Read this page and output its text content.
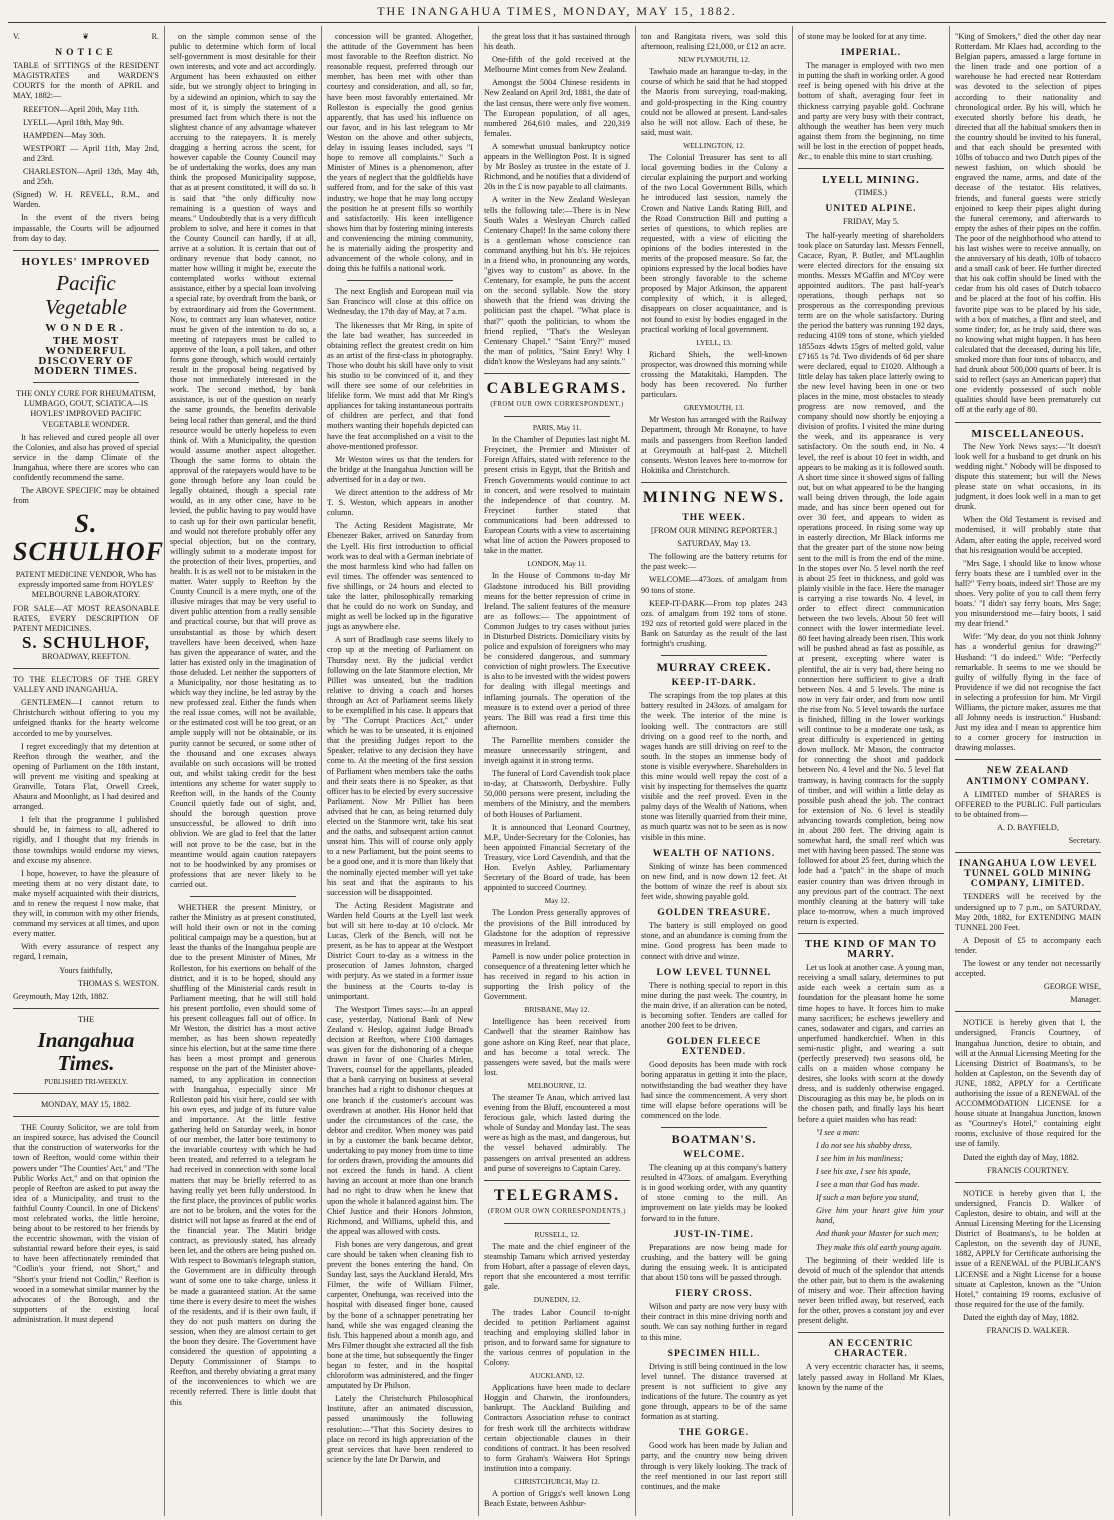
THE INANGAHUA TIMES, MONDAY, MAY 15, 1882.
V.	❦	R.
NOTICE

TABLE of SITTINGS of the RESIDENT MAGISTRATES and WARDEN'S COURTS for the month of APRIL and MAY, 1882:—

REEFTON—April 20th, May 11th.

LYELL—April 18th, May 9th.

HAMPDEN—May 30th.

WESTPORT — April 11th, May 2nd, and 23rd.

CHARLESTON—April 13th, May 4th, and 25th.

(Signed) W. H. REVELL, R.M., and Warden.

In the event of the rivers being impassable, the Courts will be adjourned from day to day.

HOYLES' IMPROVED
Pacific Vegetable
WONDER.
THE MOST WONDERFUL DISCOVERY OF MODERN TIMES.

THE ONLY CURE FOR RHEUMATISM, LUMBAGO, GOUT, SCIATICA—IS HOYLES' IMPROVED PACIFIC VEGETABLE WONDER.

It has relieved and cured people all over the Colonies, and also has proved of special service in the damp Climate of the Inangahua, where there are scores who can confidently recommend the same.

The ABOVE SPECIFIC may be obtained from

S. SCHULHOF

PATENT MEDICINE VENDOR, Who has expressly imported same from HOYLES' MELBOURNE LABORATORY.

FOR SALE—AT MOST REASONABLE RATES, EVERY DESCRIPTION OF PATENT MEDICINES.

S. SCHULHOF,

BROADWAY, REEFTON.

TO THE ELECTORS OF THE GREY VALLEY AND INANGAHUA.

GENTLEMEN—I cannot return to Christchurch without offering to you my unfeigned thanks for the hearty welcome accorded to me by yourselves.

I regret exceedingly that my detention at Reefton through the weather, and the opening of Parliament on the 18th instant, will prevent me visiting and speaking at Granville, Totara Flat, Orwell Creek, Ahaura and Moonlight, as I had desired and arranged.

I felt that the programme I published should be, in fairness to all, adhered to rigidly, and I thought that my friends in those townships would endorse my views, and excuse my absence.

I hope, however, to have the pleasure of meeting them at no very distant date, to make myself acquainted with their districts, and to renew the request I now make, that they will, in common with my other friends, command my services at all times, and upon every matter.

With every assurance of respect any regard, I remain,

Yours faithfully,

THOMAS S. WESTON.

Greymouth, May 12th, 1882.

THE

Inangahua Times.

PUBLISHED TRI-WEEKLY.

MONDAY, MAY 15, 1882.

THE County Solicitor, we are told from an inspired source, has advised the Council that the construction of waterworks for the town of Reefton, would come within their powers under "The Counties' Act," and "The Public Works Act," and on that opinion the people of Reefton are asked to put away the idea of a Municipality, and trust to the faithful County Council. In one of Dickens' most celebrated works, the little heroine, being about to be restored to her friends by the eccentric showman, with the vision of substantial reward before their eyes, is said to have been affectionately reminded that "Codlin's your friend, not Short," and "Short's your friend not Codlin," Reefton is wooed in a somewhat similar manner by the advocates of the Borough, and the supporters of the existing local administration. It must depend

on the simple common sense of the public to determine which form of local self-government is most desirable for their own interests, and vote and act accordingly. Argument has been exhausted on either side, but we strongly object to bringing in by a sidewind an opinion, which to say the most of it, is simply the statement of a presumed fact from which there is not the slightest chance of any advantage whatever accruing to the ratepayers. It is merely dragging a herring across the scent, for however capable the County Council may be of undertaking the works, does any man think the proposed Municipality suppose, that as at present constituted, it will do so. It is said that "the only difficulty now remaining is a question of ways and means." Undoubtedly that is a very difficult problem to solve, and here it comes in that the County Council can hardly, if at all, arrive at a solution. It is certain that out of ordinary revenue that body cannot, no matter how willing it might be, execute the contemplated works without external assistance, either by a special loan involving a special rate, by overdraft from the bank, or by extraordinary aid from the Government. Now, to contract any loan whatever, notice must be given of the intention to do so, a meeting of ratepayers must be called to approve of the loan, a poll taken, and other forms gone through, which would certainly result in the proposal being negatived by those not immediately interested in the work. The second method, by bank assistance, is out of the question on nearly the same grounds, the benefits derivable being local rather than general, and the third resource would be utterly hopeless to even think of. With a Municipality, the question would assume another aspect altogether. Though the same forms to obtain the approval of the ratepayers would have to be gone through before any loan could be legally obtained, though a special rate would, as in any other case, have to be levied, the public having to pay would have to cash up for their own particular benefit, and would not therefore probably offer any special objection, but on the contrary, willingly submit to a moderate impost for the protection of their lives, properties, and health. It is as well not to be mistaken in the matter. Water supply to Reefton by the County Council is a mere myth, one of the illusive mirages that may be very useful to divert public attention from a really sensible and practical course, but that will prove as unsubstantial as those by which desert travellers have been deceived, when haze has given the appearance of water, and the latter has existed only in the imagination of those deluded. Let neither the supporters of a Municipality, nor those hesitating as to which way they incline, be led astray by the new professed zeal. Either the funds when the real issue comes, will not be available, or the estimated cost will be too great, or an ample supply will not be obtainable, or its purity cannot be secured, or some other of the thousand and one excuses always available on such occasions will be trotted out, and whilst taking credit for the best intentions any scheme for water supply to Reefton will, in the hands of the County Council quietly fade out of sight, and, should the borough question prove unsuccessful, be allowed to drift into oblivion. We are glad to feel that the latter will not prove to be the case, but in the meantime would again caution ratepayers not to be hoodwinked by any promises or professions that are never likely to be carried out.

WHETHER the present Ministry, or rather the Ministry as at present constituted, will hold their own or not in the coming political campaign may be a question, but at least the thanks of the Inangahua people are due to the present Minister of Mines, Mr Rolleston, for his exertions on behalf of the district, and it is to be hoped, should any shuffling of the Ministerial cards result in Parliament meeting, that he will still hold his present portfolio, even should some of his present colleagues fall out of office. In Mr Weston, the district has a most active member, as has been shown repeatedly since his election, but at the same time there has been a most prompt and generous response on the part of the Minister above-named, to any application in connection with Inangahua, especially since Mr Rolleston paid his visit here, could see with his own eyes, and judge of its future value and importance. At the little festive gathering held on Saturday week, in honor of our member, the latter bore testimony to the invariable courtesy with which he had been treated, and referred to a telegram he had received in connection with some local matters that may be briefly referred to as having really yet been fully understood. In the first place, the provinces of public works are not to be broken, and the votes for the district will not lapse as feared at the end of the financial year. The Matiri bridge contract, as previously stated, has already been let, and the others are being pushed on. With respect to Bowman's telegraph station, the Government are in difficulty through want of some one to take charge, unless it be made a guaranteed station. At the same time there is every desire to meet the wishes of the residents, and if is their own fault, if they do not push matters on during the session, when they are almost certain to get the boon they desire. The Government have considered the question of appointing a Deputy Commissioner of Stamps to Reefton, and thereby obviating a great many of the inconveniences to which we are recently referred. There is little doubt that this

concession will be granted. Altogether, the attitude of the Government has been most favorable to the Reefton district. No reasonable request, preferred through our member, has been met with other than courtesy and consideration, and all, so far, have been most favorably entertained. Mr Rolleston is especially the good genius apparently, that has used his influence on our favor, and in his last telegram to Mr Weston on the above and other subjects, delay in issuing leases included, says "I hope to remove all complaints." Such a Minister of Mines is a phenomenon, after the years of neglect that the goldfields have suffered from, and for the sake of this vast industry, we hope that he may long occupy the position he at present fills so worthily and satisfactorily. His keen intelligence shows him that by fostering mining interests and conveniencing the mining community, he is materially aiding the prosperity and advancement of the whole colony, and in doing this he fulfils a national work.

The next English and European mail via San Francisco will close at this office on Wednesday, the 17th day of May, at 7 a.m.

The likenesses that Mr Ring, in spite of the late bad weather, has succeeded in obtaining reflect the greatest credit on him as an artist of the first-class in photography. Those who doubt his skill have only to visit his studio to be convinced of it, and they will there see some of our celebrities in lifelike form. We must add that Mr Ring's appliances for taking instantaneous portraits of children are perfect, and that fond mothers wanting their hopefuls depicted can have the feat accomplished on a visit to the above-mentioned professor.

Mr Weston wires us that the tenders for the bridge at the Inangahua Junction will be advertised for in a day or two.

We direct attention to the address of Mr T. S. Weston, which appears in another column.

The Acting Resident Magistrate, Mr Ebenezer Baker, arrived on Saturday from the Lyell. His first introduction to official work was to deal with a German inebriate of the most harmless kind who had fallen on evil times. The offender was sentenced to five shillings, or 24 hours and elected to take the latter, philosophically remarking that he could do no work on Sunday, and might as well be locked up in the figurative jugs as anywhere else.

A sort of Bradlaugh case seems likely to crop up at the meeting of Parliament on Thursday next. By the judicial verdict following on the late Stanmore election, Mr Pilliet was unseated, but the tradition relative to driving a coach and horses through an Act of Parliament seems likely to be exemplified in his case. It appears that by "The Corrupt Practices Act," under which he was to be unseated, it is enjoined that the presiding Judges report to the Speaker, relative to any decision they have come to. At the meeting of the first session of Parliament when members take the oaths and their seats there is no Speaker, as that officer has to be elected by every successive Parliament. Now Mr Pilliet has been advised that he can, as being returned duly elected on the Stanmore writ, take his seat and the oaths, and subsequent action cannot unseat him. This will of course only apply to a new Parliament, but the point seems to be a good one, and it is more than likely that the nominally ejected member will yet take his seat and that the aspirants to his succession will be disappointed.

The Acting Resident Magistrate and Warden held Courts at the Lyell last week but will sit here to-day at 10 o'clock. Mr Lucas, Clerk of the Bench, will not be present, as he has to appear at the Westport District Court to-day as a witness in the prosecution of James Johnston, charged with perjury. As we stated in a former issue the business at the Courts to-day is unimportant.

The Westport Times says:—In an appeal case, yesterday, National Bank of New Zealand v. Heslop, against Judge Broad's decision at Reefton, where £100 damages was given for the dishonoring of a cheque drawn in favor of one Charles Mirlen, Travers, counsel for the appellants, pleaded that a bank carrying on business at several branches had a right to dishonor cheques at one branch if the customer's account was overdrawn at another. His Honor held that under the circumstances of the case, the debtor and creditor. When money was paid in by a customer the bank became debtor, undertaking to pay money from time to time for orders drawn, providing the amounts did not exceed the funds in hand. A client having an account at more than one branch had no right to draw when he knew that upon the whole it balanced against him. The Chief Justice and their Honors Johnston, Richmond, and Williams, upheld this, and the appeal was allowed with costs.

Fish bones are very dangerous, and great care should be taken when cleaning fish to prevent the bones entering the hand. On Sunday last, says the Auckland Herald, Mrs Filmer, the wife of William Filmer, carpenter, Onehunga, was received into the hospital with diseased finger bone, caused by the bone of a schnapper penetrating her hand, while she was engaged cleaning the fish. This happened about a month ago, and Mrs Filmer thought she extracted all the fish bone at the time, but subsequently the finger began to fester, and in the hospital chloroform was administered, and the finger amputated by Dr Philson.

Lately the Christchurch Philosophical Institute, after an animated discussion, passed unanimously the following resolution:—"That this Society desires to place on record its high appreciation of the great services that have been rendered to science by the late Dr Darwin, and

the great loss that it has sustained through his death.

One-fifth of the gold received at the Melbourne Mint comes from New Zealand.

Amongst the 5004 Chinese residents in New Zealand on April 3rd, 1881, the date of the last census, there were only five women. The European population, of all ages, numbered 264,610 males, and 220,319 females.

A somewhat unusual bankruptcy notice appears in the Wellington Post. It is signed by Mr Bosley as trustee in the estate of J. Richmond, and he notifies that a dividend of 20s in the £ is now payable to all claimants.

A writer in the New Zealand Wesleyan tells the following tale:—There is in New South Wales a Wesleyan Church called Centenary Chapel! In the same colony there is a gentleman whose conscience can command anything but his h's. He rejoices in a friend who, in pronouncing any words, "gives way to custom" as above. In the Centenary, for example, he puts the accent on the second syllable. Now the story showeth that the friend was driving the politician past the chapel. "What place is that?" quoth the politician, to whom the friend replied, "That's the Wesleyan Centenary Chapel." "Saint 'Enry?" mused the man of politics, "Saint Enry! Why I didn't know the Wesleyans had any saints."

CABLEGRAMS.
(FROM OUR OWN CORRESPONDENT.)
PARIS, May 11.

In the Chamber of Deputies last night M. Freycinet, the Premier and Minister of Foreign Affairs, stated with reference to the present crisis in Egypt, that the British and French Governments would continue to act in concert, and were resolved to maintain the independence of that country. M. Freycinet further stated that communications had been addressed to European Courts with a view to ascertaining what line of action the Powers proposed to take in the matter.

LONDON, May 11.

In the House of Commons to-day Mr Gladstone introduced his Bill providing means for the better repression of crime in Ireland. The salient features of the measure are as follows:— The appointment of Common Judges to try cases without juries in Disturbed Districts. Domiciliary visits by police and expulsion of foreigners who may be considered dangerous, and summary conviction of night prowlers. The Executive is also to be invested with the widest powers for dealing with illegal meetings and inflaming journals. The operation of the measure is to extend over a period of three years. The Bill was read a first time this afternoon.

The Parnellite members consider the measure unnecessarily stringent, and inveigh against it in strong terms.

The funeral of Lord Cavendish took place to-day, at Chatsworth, Derbyshire. Fully 50,000 persons were present, including the members of the Ministry, and the members of both Houses of Parliament.

It is announced that Leonard Courtney, M.P., Under-Secretary for the Colonies, has been appointed Financial Secretary of the Treasury, vice Lord Cavendish, and that the Hon. Evelyn Ashley, Parliamentary Secretary of the Board of trade, has been appointed to succeed Courtney.

May 12.

The London Press generally approves of the provisions of the Bill introduced by Gladstone for the adoption of repressive measures in Ireland.

Parnell is now under police protection in consequence of a threatening letter which he has received in regard to his action in supporting the Irish policy of the Government.

BRISBANE, May 12.

Intelligence has been received from Cardwell that the steamer Rainbow has gone ashore on King Reef, near that place, and has become a total wreck. The passengers were saved, but the mails were lost.

MELBOURNE, 12.

The steamer Te Anau, which arrived last evening from the Bluff, encountered a most ferocious gale, which lasted during the whole of Sunday and Monday last. The seas were as high as the mast, and dangerous, but the vessel behaved admirably. The passengers on arrival presented an address and purse of sovereigns to Captain Carey.

TELEGRAMS.
(FROM OUR OWN CORRESPONDENTS.)
RUSSELL, 12.

The mate and the chief engineer of the steamship Tamaru which arrived yesterday from Hobart, after a passage of eleven days, report that she encountered a most terrific gale.

DUNEDIN, 12.

The trades Labor Council to-night decided to petition Parliament against teaching and employing skilled labor in prison, and to forward same for signature to the various centres of population in the Colony.

AUCKLAND, 12.

Applications have been made to declare Hoggin and Chatwin, the ironfounders, bankrupt. The Auckland Building and Contractors Association refuse to contract for fresh work till the architects withdraw certain objectionable clauses in their conditions of contract. It has been resolved to form Graham's Waiwera Hot Springs institution into a company.

CHRISTCHURCH, May 12.

A portion of Griggs's well known Long Beach Estate, between Ashbur-

ton and Rangitata rivers, was sold this afternoon, realising £21,000, or £12 an acre.

NEW PLYMOUTH, 12.

Tawhaio made an harangue to-day, in the course of which he said that he had stopped the Maoris from surveying, road-making, and gold-prospecting in the King country could not be allowed at present. Land-sales also he will not allow. Each of these, he said, must wait.

WELLINGTON, 12.

The Colonial Treasurer has sent to all local governing bodies in the Colony a circular explaining the purport and working of the two Local Government Bills, which he introduced last session, namely the Crown and Native Lands Rating Bill, and the Road Construction Bill and putting a series of questions, to which replies are requested, with a view of eliciting the opinions of the bodies interested in the merits of the proposed measure. So far, the opinions expressed by the local bodies have been strongly favorable to the scheme proposed by Major Atkinson, the apparent complexity of which, it is alleged, disappears on closer acquaintance, and is not found to exist by bodies engaged in the practical working of local government.

LYELL, 13.

Richard Shiels, the well-known prospector, was drowned this morning while crossing the Matakitaki, Hampden. The body has been recovered. No further particulars.

GREYMOUTH, 13.

Mr Weston has arranged with the Railway Department, through Mr Ronayne, to have mails and passengers from Reefton landed at Greymouth at half-past 2. Mitchell consents. Weston leaves here to-morrow for Hokitika and Christchurch.

MINING NEWS.
THE WEEK.

[FROM OUR MINING REPORTER.]

SATURDAY, May 13.

The following are the battery returns for the past week:—

WELCOME—473ozs. of amalgam from 90 tons of stone.

KEEP-IT-DARK—From top plates 243 ozs. of amalgam from 192 tons of stone. 192 ozs of retorted gold were placed in the Bank on Saturday as the result of the last fortnight's crushing.

MURRAY CREEK.
KEEP-IT-DARK.

The scrapings from the top plates at this battery resulted in 243ozs. of amalgam for the week. The interior of the mine is looking well. The contractors are still driving on a good reef to the north, and wages hands are still driving on reef to the south. In the stopes an immense body of stone is visible everywhere. Shareholders in this mine would well repay the cost of a visit by inspecting for themselves the quartz visible and the reef proved. Even in the palmy days of the Wealth of Nations, when stone was literally quarried from their mine, as much quartz was not to be seen as is now visible in this mine.

WEALTH OF NATIONS.

Sinking of winze has been commenced on new find, and is now down 12 feet. At the bottom of winze the reef is about six feet wide, showing payable gold.

GOLDEN TREASURE.

The battery is still employed on good stone, and an abundance is coming from the mine. Good progress has been made to connect with drive and winze.

LOW LEVEL TUNNEL

There is nothing special to report in this mine during the past week. The country, in the main drive, if an alteration can be noted, is becoming softer. Tenders are called for another 200 feet to be driven.

GOLDEN FLEECE EXTENDED.

Good deposits has been made with rock boring apparatus in getting it into the place, notwithstanding the bad weather they have had since the commencement. A very short time will elapse before operations will be commenced on the lode.

BOATMAN'S.
WELCOME.

The cleaning up at this company's battery resulted in 473ozs. of amalgam. Everything is in good working order, with any quantity of stone coming to the mill. An improvement on late yields may be looked forward to in the future.

JUST-IN-TIME.

Preparations are now being made for crushing, and the battery will be going during the ensuing week. It is anticipated that about 150 tons will be passed through.

FIERY CROSS.

Wilson and party are now very busy with their contract in this mine driving north and south. We can say nothing further in regard to this mine.

SPECIMEN HILL.

Driving is still being continued in the low level tunnel. The distance traversed at present is not sufficient to give any indications of the future. The country as yet gone through, appears to be of the same formation as at starting.

THE GORGE.

Good work has been made by Julian and party, and the country now being driven through is very likely looking. The track of the reef mentioned in our last report still continues, and the make

of stone may be looked for at any time.

IMPERIAL.

The manager is employed with two men in putting the shaft in working order. A good reef is being opened with his drive at the bottom of shaft, averaging four feet in thickness carrying payable gold. Cochrane and party are very busy with their contract, although the weather has been very much against them from the beginning, no time will be lost in the erection of poppet heads, &c., to enable this mine to start crushing.

LYELL MINING.

(TIMES.)

UNITED ALPINE.

FRIDAY, May 5.

The half-yearly meeting of shareholders took place on Saturday last. Messrs Fennell, Cacace, Ryan, P. Butler, and M'Laughlin were elected directors for the ensuing six months. Messrs M'Gaffin and M'Coy were appointed auditors. The past half-year's operations, though perhaps not so prosperous as the corresponding previous term are on the whole satisfactory. During the period the battery was running 192 days, reducing 4109 tons of stone, which yielded 1855ozs 4dwts 15grs of melted gold, value £7165 1s 7d. Two dividends of 6d per share were declared, equal to £1020. Although a little delay has taken place latterly owing to the new level having been in one or two places in the mine, most obstacles to steady progress are now removed, and the company should now shortly be enjoying a division of profits. I visited the mine during the week, and its appearance is very satisfactory. On the south end, in No. 4 level, the reef is about 10 feet in width, and appears to be making as it is followed south. A short time since it showed signs of falling out, but on what appeared to be the hanging wall being driven through, the lode again made, and has since been opened out for over 30 feet, and appears to widen as operations proceed. In rising some way up in easterly direction, Mr Black informs me that the greater part of the stone now being sent to the mill is from the end of the mine. In the stopes over No. 5 level north the reef is about 25 feet in thickness, and gold was plainly visible in the face. Here the manager is carrying a rise towards No. 4 level, in order to effect direct communication between the two levels. About 50 feet will connect with the lower intermediate level. 80 feet having already been risen. This work will be pushed ahead as fast as possible, as at present, excepting where water is plentiful, the air is very bad, there being no connection here sufficient to give a draft between Nos. 4 and 5 levels. The mine is now in very fair order, and from now until the rise from No. 5 level towards the surface is finished, filling in the lower workings will continue to be a moderate one task, as great difficulty is experienced in getting down mullock. Mr Mason, the contractor for connecting the shoot and paddock between No. 4 level and the No. 5 level flat tramway, is having contracts for the supply of timber, and will within a little delay as possible push ahead the job. The contract for extension of No. 6 level is steadily advancing towards completion, being now in about 280 feet. The driving again is somewhat hard, the small reef which was met with having been passed. The stone was followed for about 25 feet, during which the lode had a "patch" in the shape of much easier country than was driven through in any previous part of the contract. The next monthly cleaning at the battery will take place to-morrow, when a much improved return is expected.

THE KIND OF MAN TO MARRY.

Let us look at another case. A young man, receiving a small salary, determines to put aside each week a certain sum as a foundation for the pleasant home he some time hopes to have. It forces him to make many sacrifices; he eschews jewellery and canes, sodawater and cigars, and carries an unperfumed handkerchief. When in this semi-rustic plight, and wearing a suit (perfectly preserved) two seasons old, he calls on a maiden whose company he desires, she looks with scorn at the dowdy dress, and is suddenly otherwise engaged. Discouraging as this may be, he plods on in the chosen path, and finally lays his heart before a quiet maiden who has read:

"I see a man:

I do not see his shabby dress,

I see him in his manliness;

I see his axe, I see his spade,

I see a man that God has made.

If such a man before you stand,

Give him your heart give him your hand,

And thank your Master for such men;

They make this old earth young again.

The beginning of their wedded life is devoid of much of the splendor that attends the other pair, but to them is the awakening of misery and woe. Their affection having never been trifled away, but reserved, each for the other, proves a constant joy and ever present delight.

AN ECCENTRIC CHARACTER.

A very eccentric character has, it seems, lately passed away in Holland Mr Klaes, known by the name of the

"King of Smokers," died the other day near Rotterdam. Mr Klaes had, according to the Belgian papers, amassed a large fortune in the linen trade and one portion of a warehouse he had erected near Rotterdam was devoted to the selection of pipes according to their nationality and chronological order. By his will, which he executed shortly before his death, he directed that all the habitual smokers then in the country should be invited to his funeral, and that each should be presented with 10lbs of tobacco and two Dutch pipes of the newest fashion, on which should be engraved the name, arms, and date of the decease of the testator. His relatives, friends, and funeral guests were strictly enjoined to keep their pipes alight during the funeral ceremony, and afterwards to empty the ashes of their pipes on the coffin. The poor of the neighborhood who attend to his last wishes were to receive annually, on the anniversary of his death, 10lb of tobacco and a small cask of beer. He further directed that his oak coffin should be lined with the cedar from his old cases of Dutch tobacco and be placed at the foot of his coffin. His favorite pipe was to be placed by his side, with a box of matches, a flint and steel, and some tinder; for, as he truly said, there was no knowing what might happen. It has been calculated that the deceased, during his life, smoked more than four tons of tobacco, and had drunk about 500,000 quarts of beer. It is said to reflect (says an American paper) that one evidently possessed of such noble qualities should have been prematurely cut off at the early age of 80.

MISCELLANEOUS.

The New York News says:—"It doesn't look well for a husband to get drunk on his wedding night." Nobody will be disposed to dispute this statement; but will the News please state on what occasions, in its judgment, it does look well in a man to get drunk.

When the Old Testament is revised and modernised, it will probably state that Adam, after eating the apple, received word that his resignation would be accepted.

"Mrs Sage, I should like to know whose ferry boats these are I tumbled over in the hall?" 'Ferry boats, indeed sir! Those are my shoes. Very polite of you to call them ferry boats.' "I didn't say ferry boats, Mrs Sage; you misunderstood me—fairy boots, I said my dear friend."

Wife: "My dear, do you not think Johnny has a wonderful genius for drawing?" Husband: "I do indeed." Wife: "Perfectly remarkable. It seems to me we should be guilty of wilfully flying in the face of Providence if we did not recognise the fact in selecting a profession for him. Mr Virgil Williams, the picture maker, assures me that all Johnny needs is instruction." Husband: Just my idea and I mean to apprentice him to a corner grocery for instruction in drawing molasses.

NEW ZEALAND ANTIMONY COMPANY.

A LIMITED number of SHARES is OFFERED to the PUBLIC. Full particulars to be obtained from—

A. D. BAYFIELD,

Secretary.

INANGAHUA LOW LEVEL TUNNEL GOLD MINING COMPANY, LIMITED.

TENDERS will be received by the undersigned up to 7 p.m., on SATURDAY, May 20th, 1882, for EXTENDING MAIN TUNNEL 200 Feet.

A Deposit of £5 to accompany each tender.

The lowest or any tender not necessarily accepted.

GEORGE WISE,

Manager.

NOTICE is hereby given that I, the undersigned, Francis Courtney, of Inangahua Junction, desire to obtain, and will at the Annual Licensing Meeting for the Licensing District of Boatmans's, to be holden at Capleston, on the Seventh day of JUNE, 1882, APPLY for a Certificate authorising the issue of a RENEWAL of the ACCOMMODATION LICENSE for a house situate at Inangahua Junction, known as "Courtney's Hotel," containing eight rooms, exclusive of those required for the use of family.

Dated the eighth day of May, 1882.

FRANCIS COURTNEY.

NOTICE is hereby given that I, the undersigned, Francis D. Walker of Capleston, desire to obtain, and will at the Annual Licensing Meeting for the Licensing District of Boatmans's, to be holden at Capleston, on the seventh day of JUNE, 1882, APPLY for Certificate authorising the issue of a RENEWAL of the PUBLICAN'S LICENSE and a Night License for a house situate at Capleston, known as the "Union Hotel," containing 19 rooms, exclusive of those required for the use of the family.

Dated the eighth day of May, 1882.

FRANCIS D. WALKER.
